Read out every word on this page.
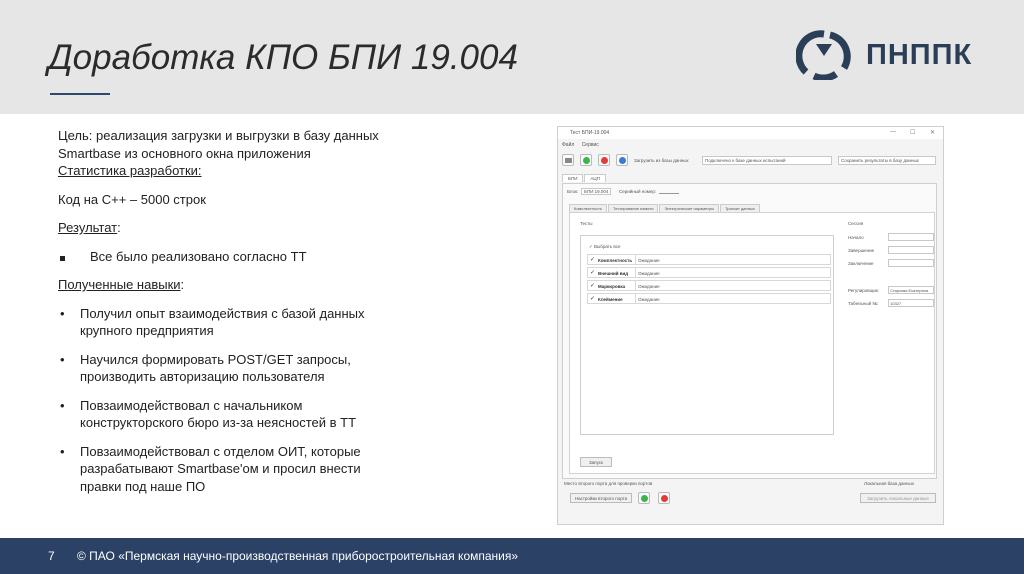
Доработка КПО БПИ 19.004	ПНППК
Цель: реализация загрузки и выгрузки в базу данных
Smartbase из основного окна приложения
Статистика разработки:
Код на С++ – 5000 строк
Результат:
Все было реализовано согласно ТТ
Полученные навыки:
•	Получил опыт взаимодействия с базой данных
крупного предприятия
•	Научился формировать POST/GET запросы,
производить авторизацию пользователя
•	Повзаимодействовал с начальником
конструкторского бюро из-за неясностей в ТТ
•	Повзаимодействовал с отделом ОИТ, которые
разрабатывают Smartbase'ом и просил внести
правки под наше ПО
Тест БПИ-19.004	— ☐ ✕
Файл Сервис
Загрузить из базы данных	Подключено к базе данных испытаний	Сохранить результаты в базу данных
БПИ	АЦП
Блок:	БПИ 19.004	Серийный номер:
Комплектность	Тестирование памяти	Электрические параметры	Транзит данных
Тесты
✓ Выбрать все
✓ Комплектность Ожидание
✓ Внешний вид Ожидание
✓ Маркировка	Ожидание
✓ Клеймение	Ожидание
Сессия
Начало
Завершение
Заключение
Регулировщик:	Старкова Екатерина
Табельный №:	10327
Запуск
Место второго порта для проверки портов
Настройки второго порта
Локальная база данных
Загрузить локальные данные
7 © ПАО «Пермская научно-производственная приборостроительная компания»
